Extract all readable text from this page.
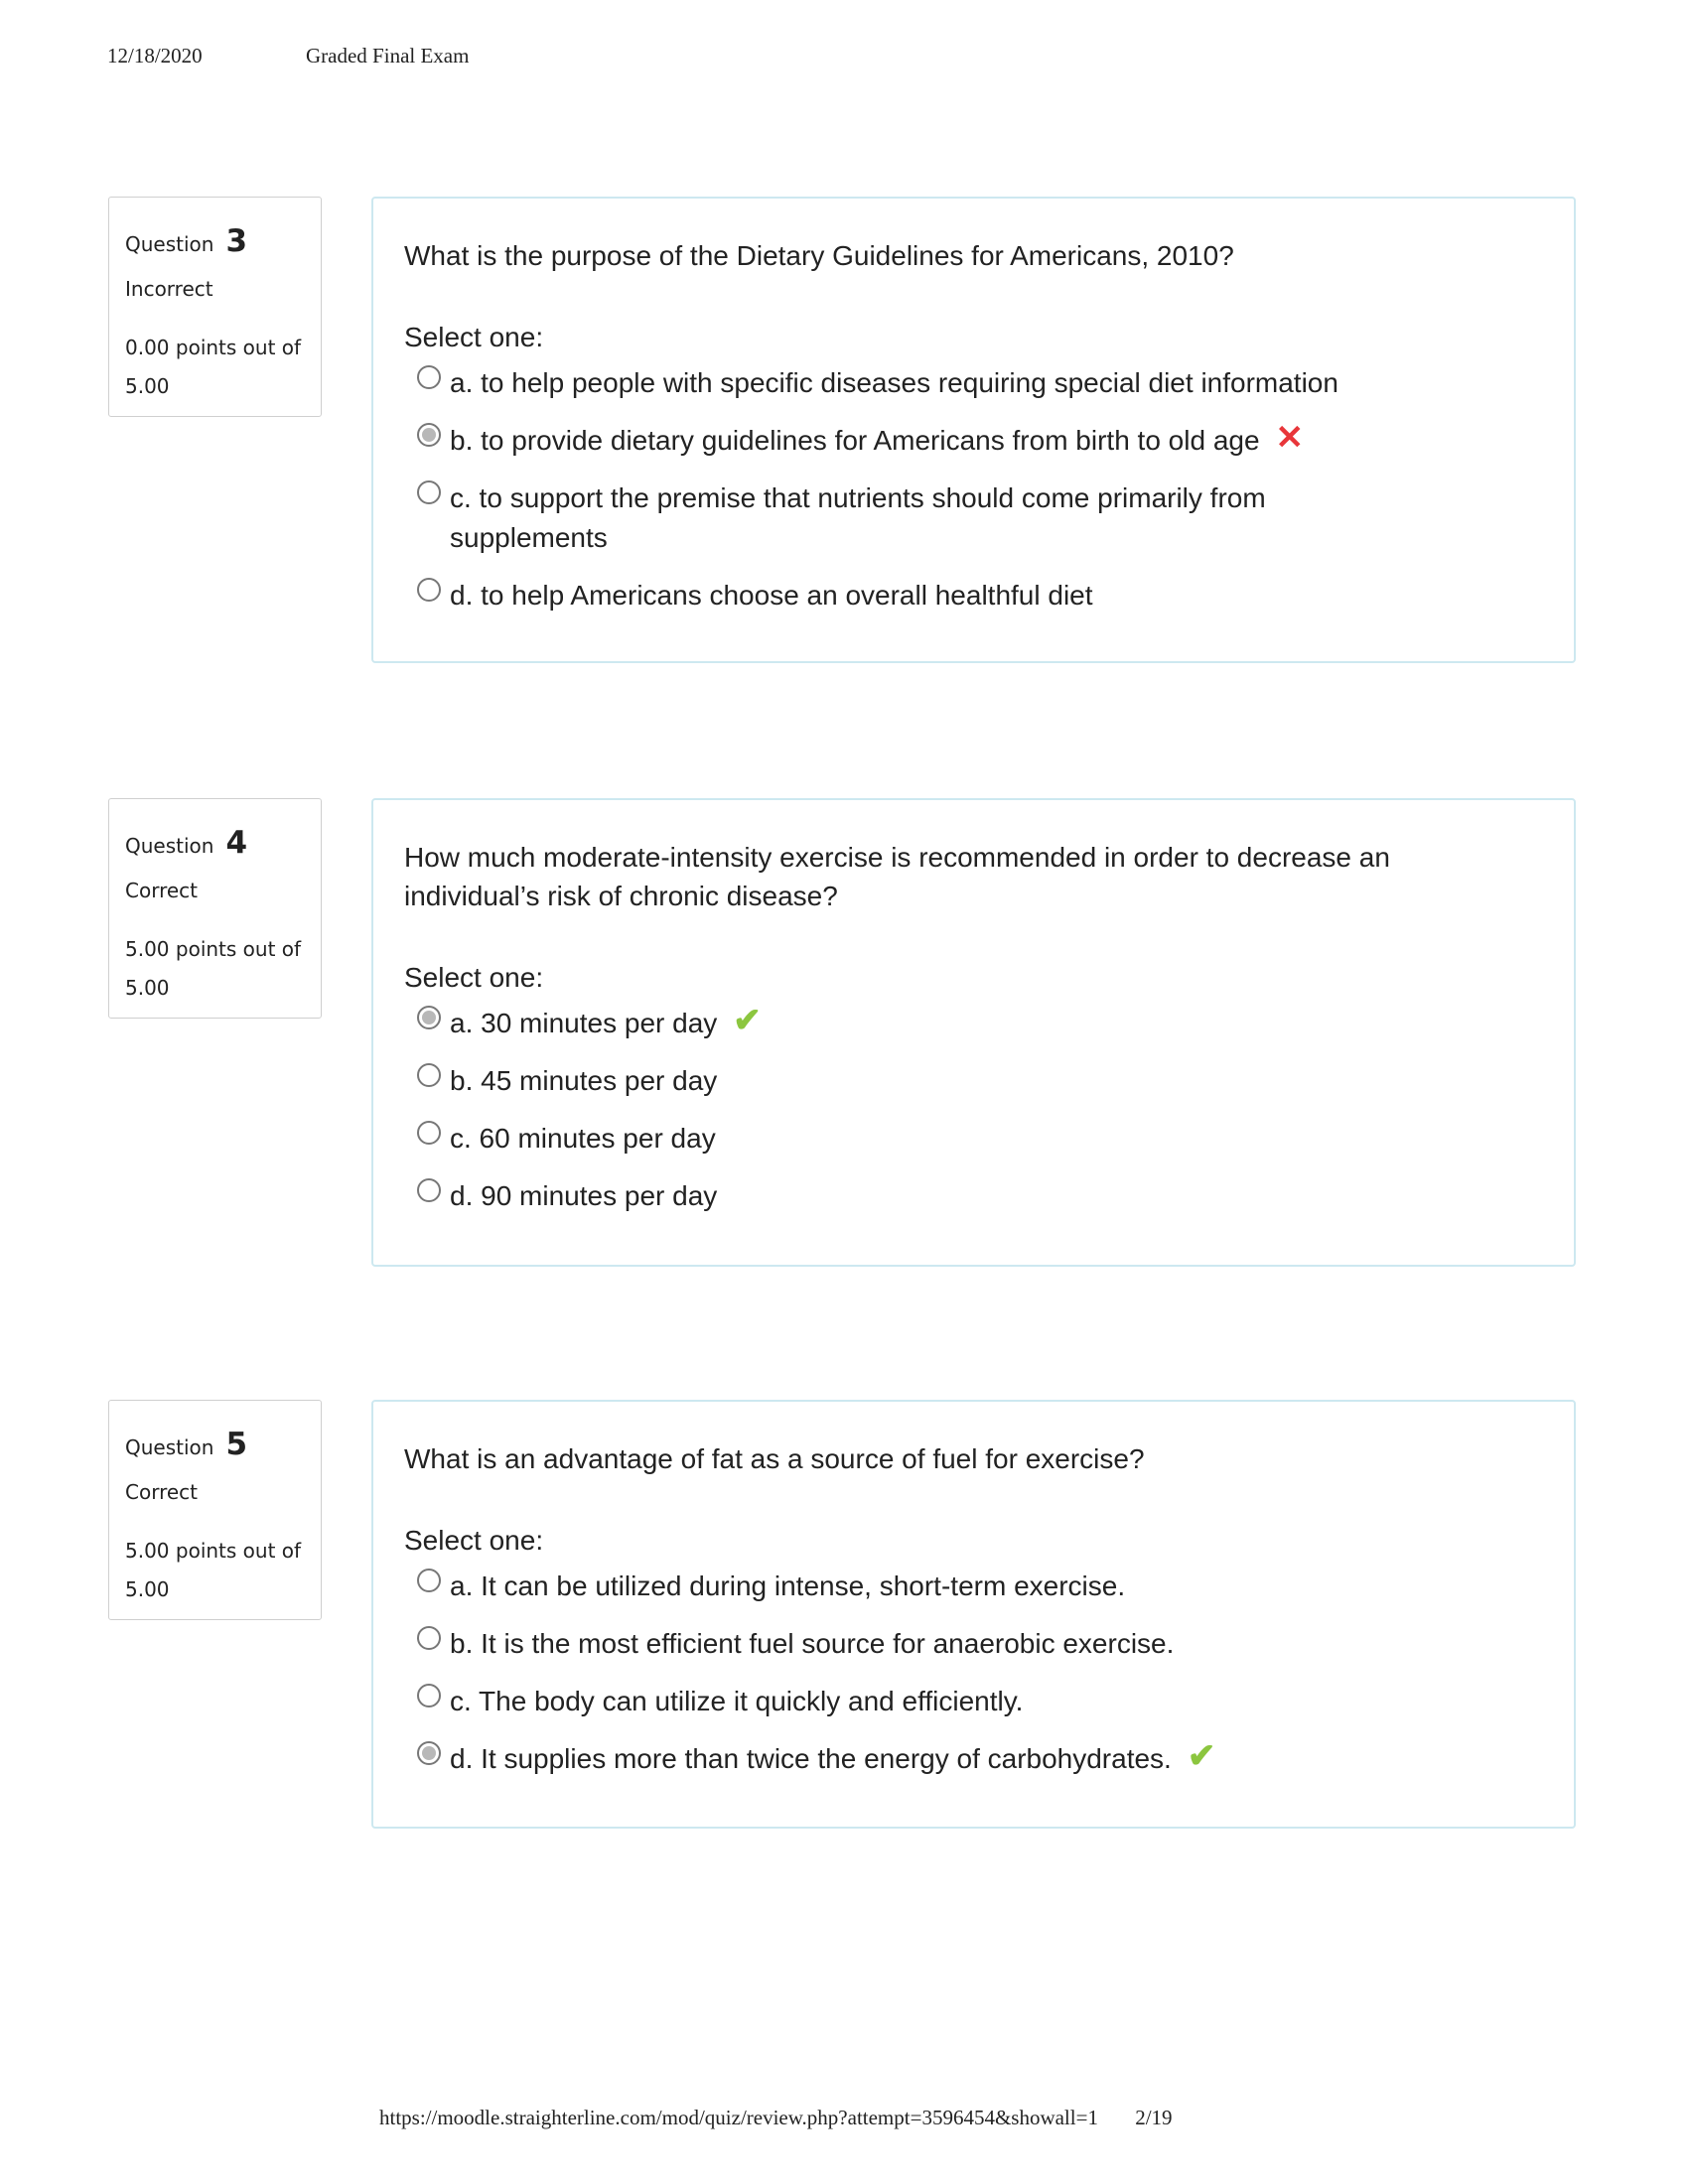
12/18/2020	Graded Final Exam
Question 3
Incorrect
0.00 points out of 5.00
What is the purpose of the Dietary Guidelines for Americans, 2010?
Select one:
a. to help people with specific diseases requiring special diet information
b. to provide dietary guidelines for Americans from birth to old age ✕
c. to support the premise that nutrients should come primarily from supplements
d. to help Americans choose an overall healthful diet
Question 4
Correct
5.00 points out of 5.00
How much moderate-intensity exercise is recommended in order to decrease an individual’s risk of chronic disease?
Select one:
a. 30 minutes per day ✔
b. 45 minutes per day
c. 60 minutes per day
d. 90 minutes per day
Question 5
Correct
5.00 points out of 5.00
What is an advantage of fat as a source of fuel for exercise?
Select one:
a. It can be utilized during intense, short-term exercise.
b. It is the most efficient fuel source for anaerobic exercise.
c. The body can utilize it quickly and efficiently.
d. It supplies more than twice the energy of carbohydrates. ✔
https://moodle.straighterline.com/mod/quiz/review.php?attempt=3596454&showall=1 2/19
